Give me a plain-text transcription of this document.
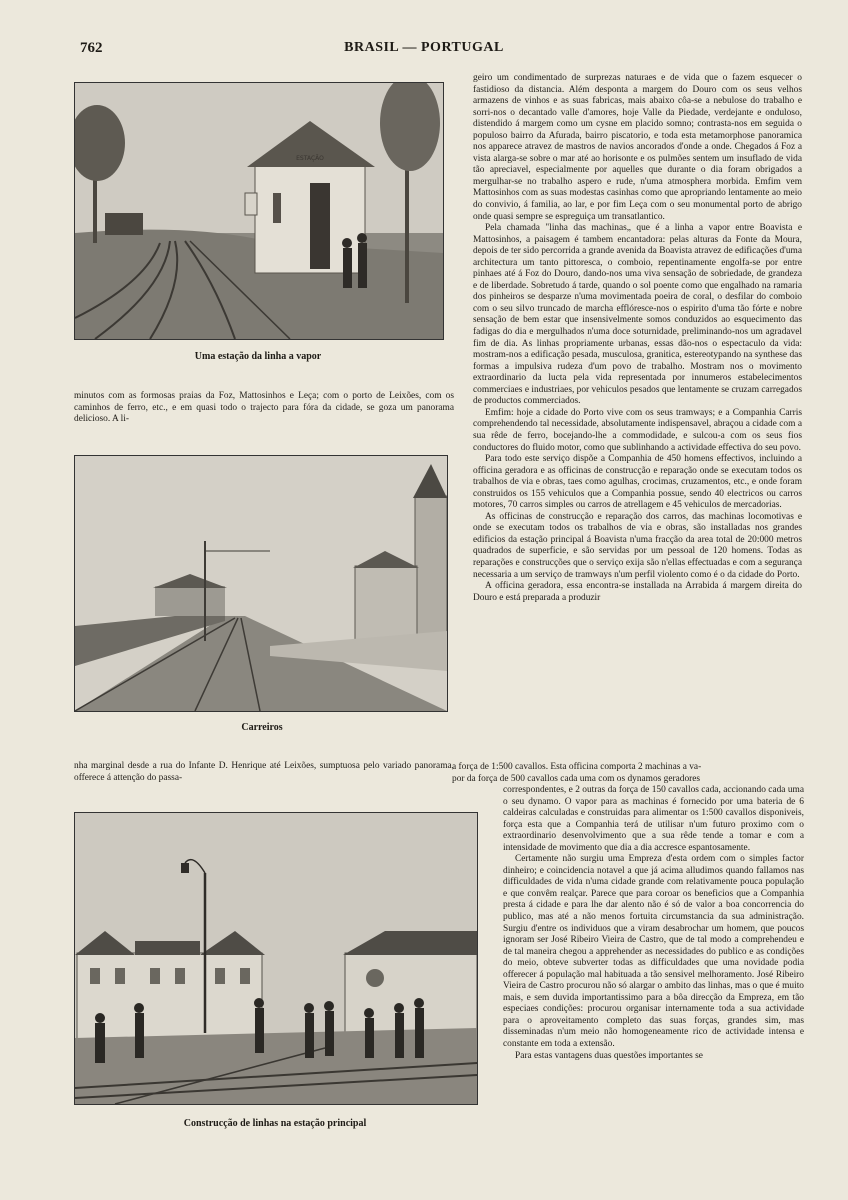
762	BRASIL — PORTUGAL
ESTAÇÃO
Uma estação da linha a vapor

minutos com as formosas praias da Foz, Mattosinhos e Leça; com o porto de Leixões, com os caminhos de ferro, etc., e em quasi todo o trajecto para fóra da cidade, se goza um panorama delicioso. A li-

Carreiros

nha marginal desde a rua do Infante D. Henrique até Leixões, sumptuosa pelo variado panorama, offerece á attenção do passa-

Construcção de linhas na estação principal

geiro um condimentado de surprezas naturaes e de vida que o fazem esquecer o fastidioso da distancia. Além desponta a margem do Douro com os seus velhos armazens de vinhos e as suas fabricas, mais abaixo côa-se a nebulose do trabalho e sorri-nos o decantado valle d'amores, hoje Valle da Piedade, verdejante e onduloso, distendido á margem como um cysne em placido somno; contrasta-nos em seguida o populoso bairro da Afurada, bairro piscatorio, e toda esta metamorphose panoramica nos apparece atravez de mastros de navios ancorados d'onde a onde. Chegados á Foz a vista alarga-se sobre o mar até ao horisonte e os pulmões sentem um insuflado de vida tão apreciavel, especialmente por aquelles que durante o dia foram obrigados a mergulhar-se no trabalho aspero e rude, n'uma atmosphera morbida. Emfim vem Mattosinhos com as suas modestas casinhas como que apropriando lentamente ao meio do convivio, á familia, ao lar, e por fim Leça com o seu monumental porto de abrigo onde quasi sempre se espreguiça um transatlantico.

Pela chamada "linha das machinas„ que é a linha a vapor entre Boavista e Mattosinhos, a paisagem é tambem encantadora: pelas alturas da Fonte da Moura, depois de ter sido percorrida a grande avenida da Boavista atravez de edificações d'uma architectura um tanto pittoresca, o comboio, repentinamente engolfa-se por entre pinhaes até á Foz do Douro, dando-nos uma viva sensação de sobriedade, de grandeza e de liberdade. Sobretudo á tarde, quando o sol poente como que engalhado na ramaria dos pinheiros se desparze n'uma movimentada poeira de coral, o desfilar do comboio com o seu silvo truncado de marcha efflóresce-nos o espirito d'uma tão fórte e nobre sensação de bem estar que insensivelmente somos conduzidos ao esquecimento das fadigas do dia e mergulhados n'uma doce soturnidade, preliminando-nos um agradavel fim de dia. As linhas propriamente urbanas, essas dão-nos o espectaculo da vida: mostram-nos a edificação pesada, musculosa, granitica, estereotypando na synthese das formas a impulsiva rudeza d'um povo de trabalho. Mostram nos o movimento extraordinario da lucta pela vida representada por innumeros estabelecimentos commerciaes e industriaes, por vehiculos pesados que lentamente se cruzam carregados de productos commerciados.

Emfim: hoje a cidade do Porto vive com os seus tramways; e a Companhia Carris comprehendendo tal necessidade, absolutamente indispensavel, abraçou a cidade com a sua rêde de ferro, bocejando-lhe a commodidade, e sulcou-a com os seus fios conductores do fluido motor, como que sublinhando a actividade effectiva do seu povo.

Para todo este serviço dispõe a Companhia de 450 homens effectivos, incluindo a officina geradora e as officinas de construcção e reparação onde se executam todos os trabalhos de via e obras, taes como agulhas, crocimas, cruzamentos, etc., e onde foram construidos os 155 vehiculos que a Companhia possue, sendo 40 electricos ou carros motores, 70 carros simples ou carros de atrellagem e 45 vehiculos de mercadorias.

As officinas de construcção e reparação dos carros, das machinas locomotivas e onde se executam todos os trabalhos de via e obras, são installadas nos grandes edificios da estação principal á Boavista n'uma fracção da area total de 20:000 metros quadrados de superficie, e são servidas por um pessoal de 120 homens. Todas as reparações e construcções que o serviço exija são n'ellas effectuadas e com a segurança necessaria a um serviço de tramways n'um perfil violento como é o da cidade do Porto.

A officina geradora, essa encontra-se installada na Arrabida á margem direita do Douro e está preparada a produzir

a força de 1:500 cavallos. Esta officina comporta 2 machinas a va-

por da força de 500 cavallos cada uma com os dynamos geradores

correspondentes, e 2 outras da força de 150 cavallos cada, accionando cada uma o seu dynamo. O vapor para as machinas é fornecido por uma bateria de 6 caldeiras calculadas e construidas para alimentar os 1:500 cavallos disponiveis, força esta que a Companhia terá de utilisar n'um futuro proximo com o extraordinario desenvolvimento que a sua rêde tende a tomar e com a intensidade de movimento que dia a dia accresce espantosamente.

Certamente não surgiu uma Empreza d'esta ordem com o simples factor dinheiro; e coincidencia notavel a que já acima alludimos quando fallamos nas difficuldades de vida n'uma cidade grande com relativamente pouca população e que convêm realçar. Parece que para coroar os beneficios que a Companhia presta á cidade e para lhe dar alento não é só de valor a boa concorrencia do publico, mas até a não menos fortuita circumstancia da sua administração. Surgiu d'entre os individuos que a viram desabrochar um homem, que poucos ignoram ser José Ribeiro Vieira de Castro, que de tal modo a comprehendeu e de tal maneira chegou a apprehender as necessidades do publico e as condições do meio, obteve subverter todas as difficuldades que uma novidade podia offerecer á população mal habituada a tão sensivel melhoramento. José Ribeiro Vieira de Castro procurou não só alargar o ambito das linhas, mas o que é muito mais, e sem duvida importantissimo para a bôa direcção da Empreza, em tão especiaes condições: procurou organisar internamente toda a sua actividade para o aproveitamento completo das suas forças, grandes sim, mas disseminadas n'um meio não homogeneamente rico de actividade intensa e constante em toda a extensão.

Para estas vantagens duas questões importantes se
